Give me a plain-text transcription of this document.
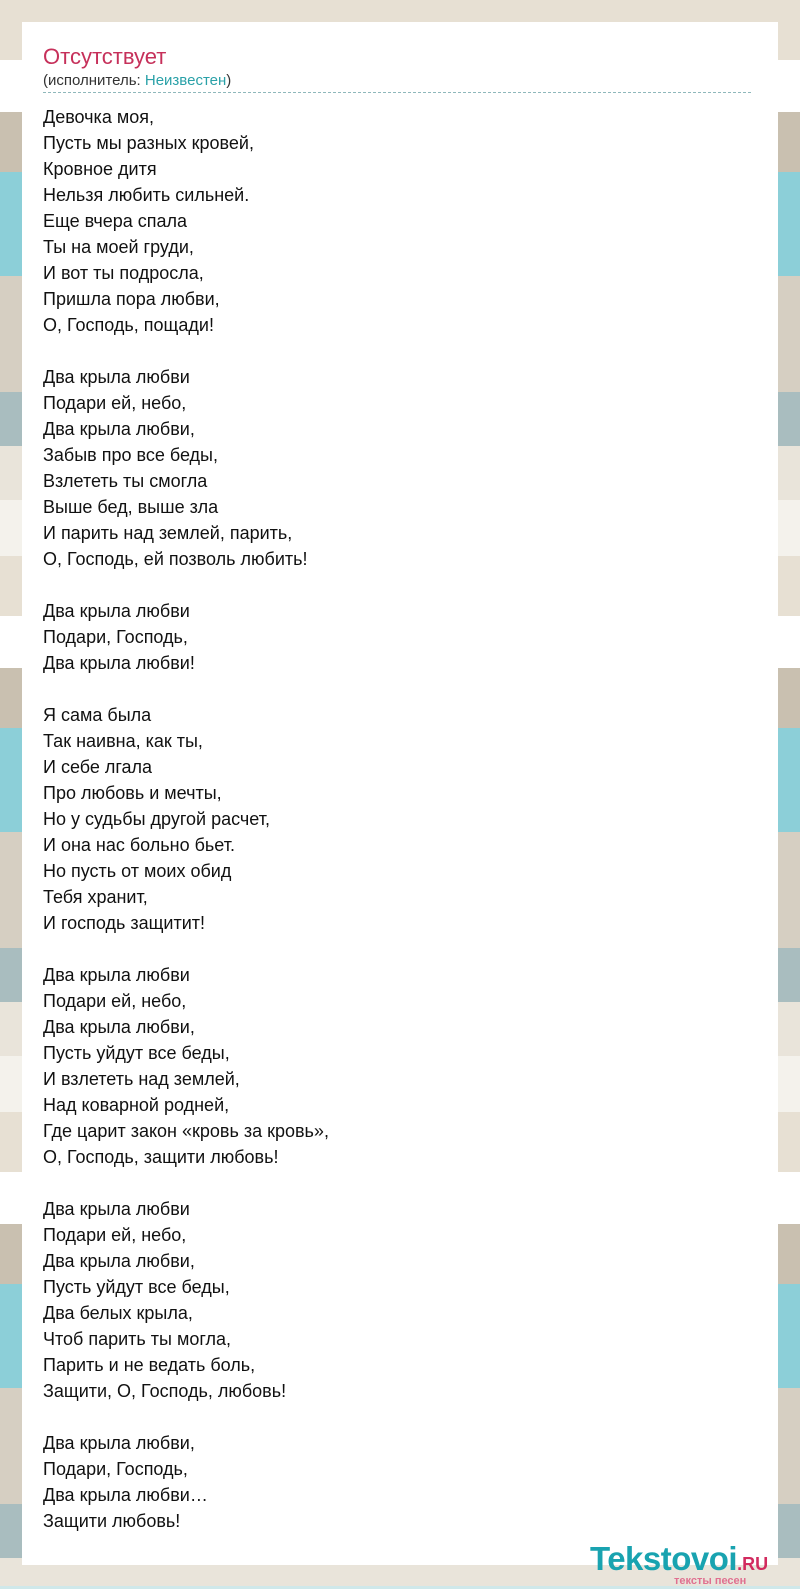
Отсутствует
(исполнитель: Неизвестен)
Девочка моя,
Пусть мы разных кровей,
Кровное дитя
Нельзя любить сильней.
Еще вчера спала
Ты на моей груди,
И вот ты подросла,
Пришла пора любви,
О, Господь, пощади!
Два крыла любви
Подари ей, небо,
Два крыла любви,
Забыв про все беды,
Взлететь ты смогла
Выше бед, выше зла
И парить над землей, парить,
О, Господь, ей позволь любить!
Два крыла любви
Подари, Господь,
Два крыла любви!
Я сама была
Так наивна, как ты,
И себе лгала
Про любовь и мечты,
Но у судьбы другой расчет,
И она нас больно бьет.
Но пусть от моих обид
Тебя хранит,
И господь защитит!
Два крыла любви
Подари ей, небо,
Два крыла любви,
Пусть уйдут все беды,
И взлететь над землей,
Над коварной родней,
Где царит закон «кровь за кровь»,
О, Господь, защити любовь!
Два крыла любви
Подари ей, небо,
Два крыла любви,
Пусть уйдут все беды,
Два белых крыла,
Чтоб парить ты могла,
Парить и не ведать боль,
Защити, О, Господь, любовь!
Два крыла любви,
Подари, Господь,
Два крыла любви…
Защити любовь!
Tekstovoi.RU
тексты песен
